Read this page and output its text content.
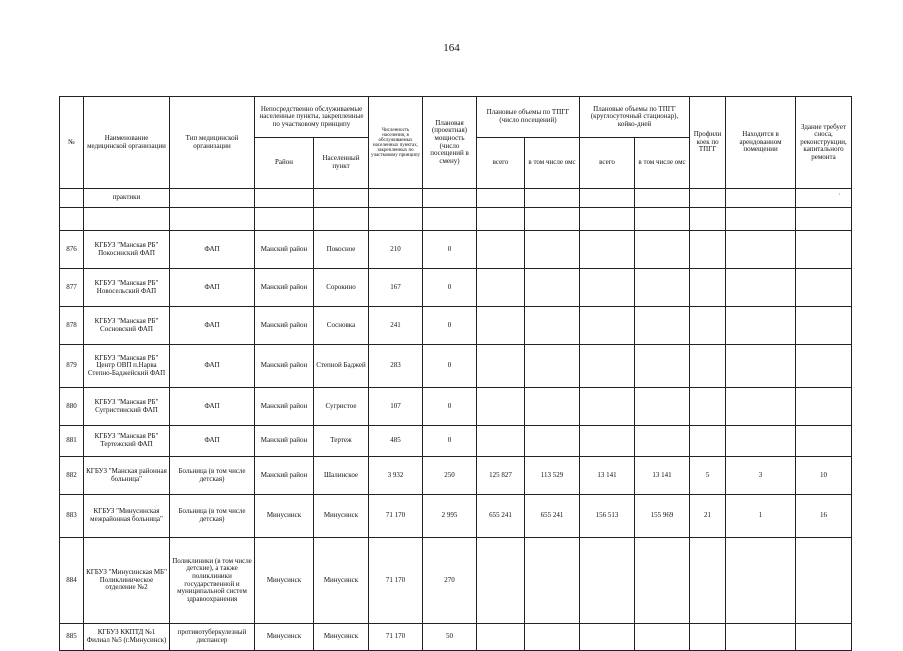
164
·
№	Наименование медицинской организации	Тип медицинской организации	Непосредственно обслуживаемые населенные пункты, закрепленные по участковому принципу		Численность населения, в обслуживаемых населенных пунктах, закрепленных по участковому принципу	Плановая (проектная) мощность (число посещений в смену)	Плановые объемы по ТПГГ (число посещений)		Плановые объемы по ТПГГ (круглосуточный стационар), койко-дней		Профили коек по ТПГГ	Находится в арендованном помещении	Здание требует сноса, реконструкции, капитального ремонта
			Район	Населенный пункт			всего	в том числе омс	всего	в том числе омс			
	практики												

876	КГБУЗ "Манская РБ" Покосинский ФАП	ФАП	Манский район	Покосное	210	0							
877	КГБУЗ "Манская РБ" Новосельский ФАП	ФАП	Манский район	Сорокино	167	0							
878	КГБУЗ "Манская РБ" Сосновский ФАП	ФАП	Манский район	Сосновка	241	0							
879	КГБУЗ "Манская РБ" Центр ОВП п.Нарва Степно-Баджейский ФАП	ФАП	Манский район	Степной Баджей	283	0							
880	КГБУЗ "Манская РБ" Сугристинский ФАП	ФАП	Манский район	Сугристое	107	0							
881	КГБУЗ "Манская РБ" Тертежский ФАП	ФАП	Манский район	Тертеж	485	0							
882	КГБУЗ "Манская районная больница"	Больница (в том числе детская)	Манский район	Шалинское	3 932	250	125 827	113 529	13 141	13 141	5	3	10
883	КГБУЗ "Минусинская межрайонная больница"	Больница (в том числе детская)	Минусинск	Минусинск	71 170	2 995	655 241	655 241	156 513	155 969	21	1	16
884	КГБУЗ "Минусинская МБ" Поликлиническое отделение №2	Поликлиники (в том числе детские), а также поликлиники государственной и муниципальной систем здравоохранения	Минусинск	Минусинск	71 170	270							
885	КГБУЗ ККПТД №1 Филиал №5 (г.Минусинск)	противотуберкулезный диспансер	Минусинск	Минусинск	71 170	50							
